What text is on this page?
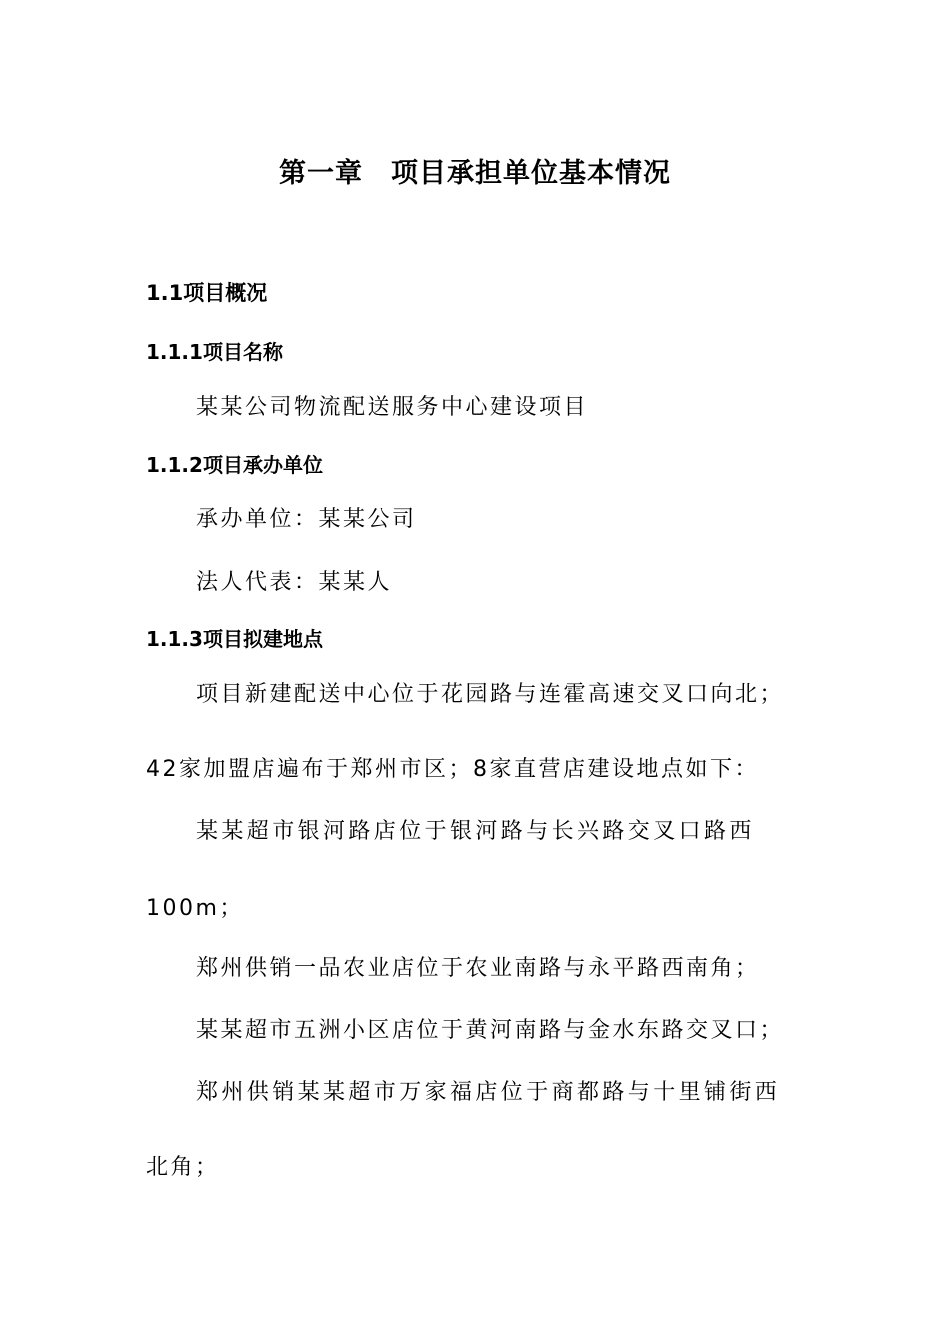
第一章　项目承担单位基本情况
1.1项目概况
1.1.1项目名称
某某公司物流配送服务中心建设项目
1.1.2项目承办单位
承办单位：某某公司
法人代表：某某人
1.1.3项目拟建地点
项目新建配送中心位于花园路与连霍高速交叉口向北；
42家加盟店遍布于郑州市区；8家直营店建设地点如下：
某某超市银河路店位于银河路与长兴路交叉口路西
100m；
郑州供销一品农业店位于农业南路与永平路西南角；
某某超市五洲小区店位于黄河南路与金水东路交叉口；
郑州供销某某超市万家福店位于商都路与十里铺街西
北角；
